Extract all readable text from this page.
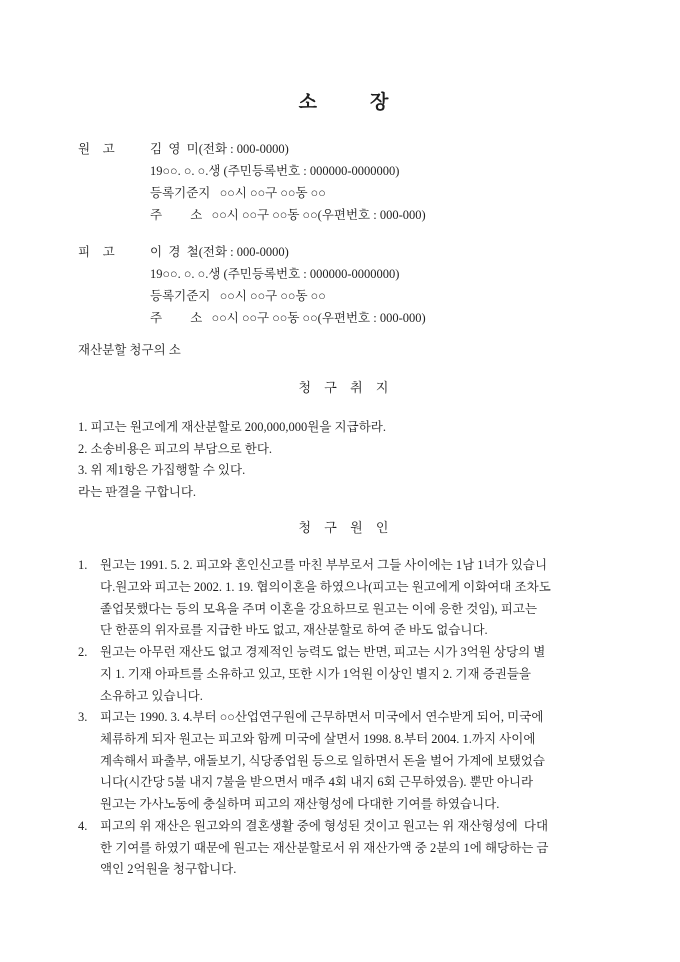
소	장
원    고	김  영  미(전화 : 000-0000)
19○○. ○. ○.생 (주민등록번호 : 000000-0000000)
등록기준지   ○○시 ○○구 ○○동 ○○
주         소   ○○시 ○○구 ○○동 ○○(우편번호 : 000-000)
피    고	이  경  철(전화 : 000-0000)
19○○. ○. ○.생 (주민등록번호 : 000000-0000000)
등록기준지   ○○시 ○○구 ○○동 ○○
주         소   ○○시 ○○구 ○○동 ○○(우편번호 : 000-000)
재산분할 청구의 소
청 구 취 지
1. 피고는 원고에게 재산분할로 200,000,000원을 지급하라.
2. 소송비용은 피고의 부담으로 한다.
3. 위 제1항은 가집행할 수 있다.
라는 판결을 구합니다.
청 구 원 인
1.	원고는 1991. 5. 2. 피고와 혼인신고를 마친 부부로서 그들 사이에는 1남 1녀가 있습니
다.원고와 피고는 2002. 1. 19. 협의이혼을 하였으나(피고는 원고에게 이화여대 조차도
졸업못했다는 등의 모욕을 주며 이혼을 강요하므로 원고는 이에 응한 것임), 피고는
단 한푼의 위자료를 지급한 바도 없고, 재산분할로 하여 준 바도 없습니다.
2.	원고는 아무런 재산도 없고 경제적인 능력도 없는 반면, 피고는 시가 3억원 상당의 별
지 1. 기재 아파트를 소유하고 있고, 또한 시가 1억원 이상인 별지 2. 기재 증권들을
소유하고 있습니다.
3.	피고는 1990. 3. 4.부터 ○○산업연구원에 근무하면서 미국에서 연수받게 되어, 미국에
체류하게 되자 원고는 피고와 함께 미국에 살면서 1998. 8.부터 2004. 1.까지 사이에
계속해서 파출부, 애돌보기, 식당종업원 등으로 일하면서 돈을 벌어 가계에 보탰었습
니다(시간당 5불 내지 7불을 받으면서 매주 4회 내지 6회 근무하였음). 뿐만 아니라
원고는 가사노동에 충실하며 피고의 재산형성에 다대한 기여를 하였습니다.
4.	피고의 위 재산은 원고와의 결혼생활 중에 형성된 것이고 원고는 위 재산형성에  다대
한 기여를 하였기 때문에 원고는 재산분할로서 위 재산가액 중 2분의 1에 해당하는 금
액인 2억원을 청구합니다.
